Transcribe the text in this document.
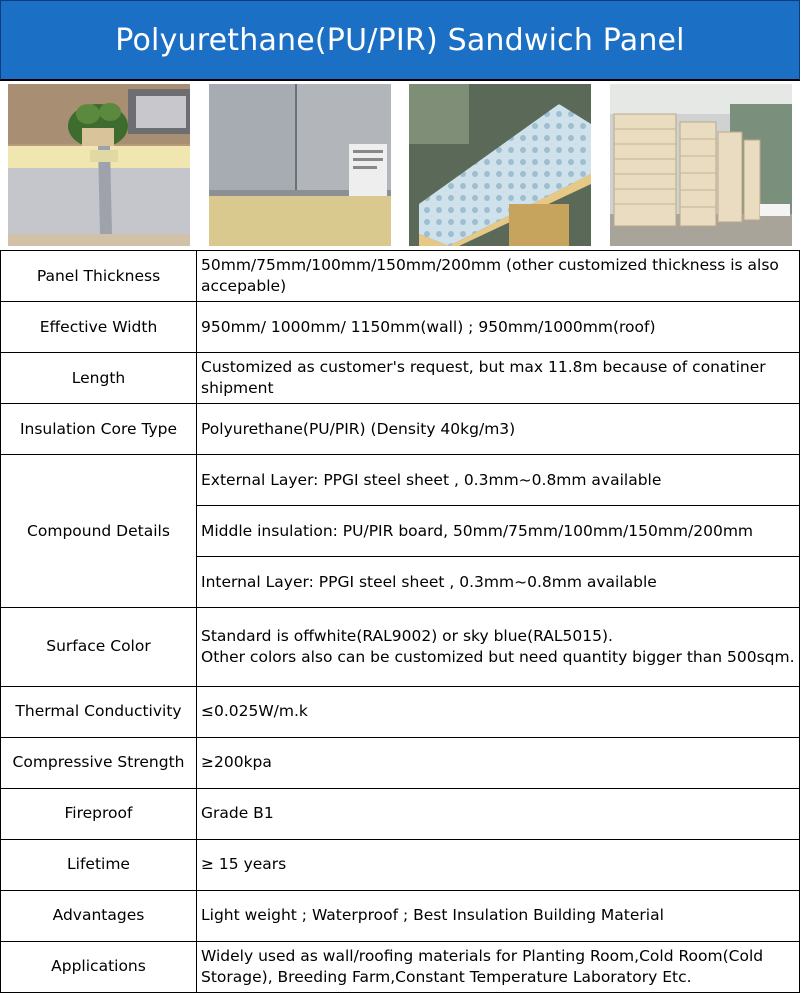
Polyurethane(PU/PIR) Sandwich Panel
Panel Thickness	50mm/75mm/100mm/150mm/200mm (other customized thickness is also accepable)
Effective Width	950mm/ 1000mm/ 1150mm(wall) ; 950mm/1000mm(roof)
Length	Customized as customer's request, but max 11.8m because of conatiner shipment
Insulation Core Type	Polyurethane(PU/PIR) (Density 40kg/m3)
Compound Details	External Layer: PPGI steel sheet , 0.3mm~0.8mm available
	Middle insulation: PU/PIR board, 50mm/75mm/100mm/150mm/200mm
	Internal Layer: PPGI steel sheet , 0.3mm~0.8mm available
Surface Color	Standard is offwhite(RAL9002) or sky blue(RAL5015).
Other colors also can be customized but need quantity bigger than 500sqm.

Thermal Conductivity	≤0.025W/m.k
Compressive Strength	≥200kpa
Fireproof	Grade B1
Lifetime	≥ 15 years
Advantages	Light weight ; Waterproof ; Best Insulation Building Material
Applications	Widely used as wall/roofing materials for Planting Room,Cold Room(Cold Storage), Breeding Farm,Constant Temperature Laboratory Etc.
